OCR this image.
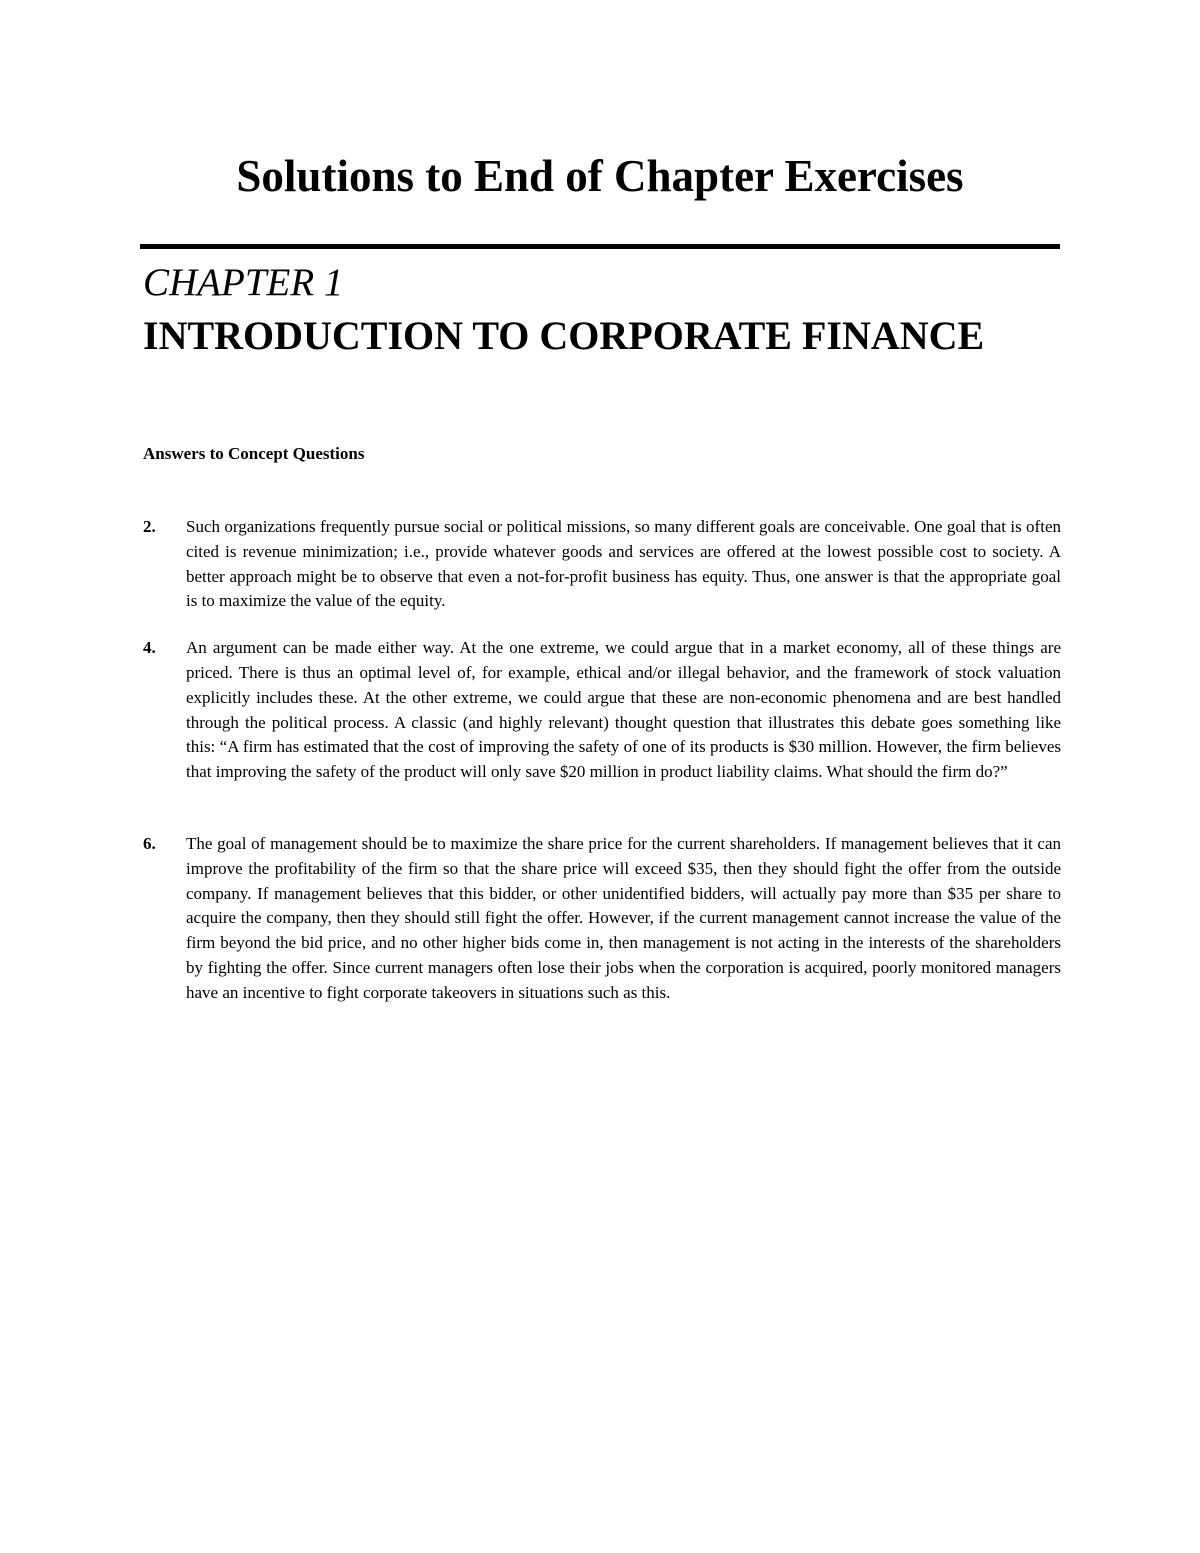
Solutions to End of Chapter Exercises
CHAPTER 1
INTRODUCTION TO CORPORATE FINANCE
Answers to Concept Questions
2. Such organizations frequently pursue social or political missions, so many different goals are conceivable. One goal that is often cited is revenue minimization; i.e., provide whatever goods and services are offered at the lowest possible cost to society. A better approach might be to observe that even a not-for-profit business has equity. Thus, one answer is that the appropriate goal is to maximize the value of the equity.
4. An argument can be made either way. At the one extreme, we could argue that in a market economy, all of these things are priced. There is thus an optimal level of, for example, ethical and/or illegal behavior, and the framework of stock valuation explicitly includes these. At the other extreme, we could argue that these are non-economic phenomena and are best handled through the political process. A classic (and highly relevant) thought question that illustrates this debate goes something like this: “A firm has estimated that the cost of improving the safety of one of its products is $30 million. However, the firm believes that improving the safety of the product will only save $20 million in product liability claims. What should the firm do?”
6. The goal of management should be to maximize the share price for the current shareholders. If management believes that it can improve the profitability of the firm so that the share price will exceed $35, then they should fight the offer from the outside company. If management believes that this bidder, or other unidentified bidders, will actually pay more than $35 per share to acquire the company, then they should still fight the offer. However, if the current management cannot increase the value of the firm beyond the bid price, and no other higher bids come in, then management is not acting in the interests of the shareholders by fighting the offer. Since current managers often lose their jobs when the corporation is acquired, poorly monitored managers have an incentive to fight corporate takeovers in situations such as this.
